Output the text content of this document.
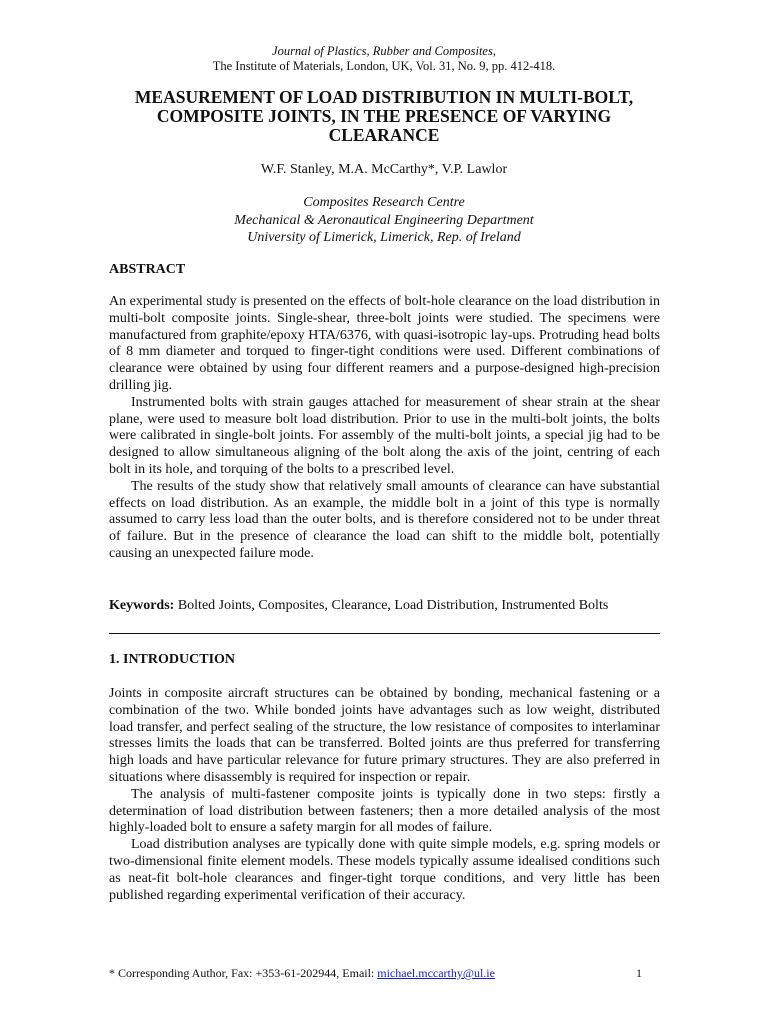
Journal of Plastics, Rubber and Composites,
The Institute of Materials, London, UK, Vol. 31, No. 9, pp. 412-418.
MEASUREMENT OF LOAD DISTRIBUTION IN MULTI-BOLT, COMPOSITE JOINTS, IN THE PRESENCE OF VARYING CLEARANCE
W.F. Stanley, M.A. McCarthy*, V.P. Lawlor
Composites Research Centre
Mechanical & Aeronautical Engineering Department
University of Limerick, Limerick, Rep. of Ireland
ABSTRACT

An experimental study is presented on the effects of bolt-hole clearance on the load distribution in multi-bolt composite joints. Single-shear, three-bolt joints were studied. The specimens were manufactured from graphite/epoxy HTA/6376, with quasi-isotropic lay-ups. Protruding head bolts of 8 mm diameter and torqued to finger-tight conditions were used. Different combinations of clearance were obtained by using four different reamers and a purpose-designed high-precision drilling jig.

Instrumented bolts with strain gauges attached for measurement of shear strain at the shear plane, were used to measure bolt load distribution. Prior to use in the multi-bolt joints, the bolts were calibrated in single-bolt joints. For assembly of the multi-bolt joints, a special jig had to be designed to allow simultaneous aligning of the bolt along the axis of the joint, centring of each bolt in its hole, and torquing of the bolts to a prescribed level.

The results of the study show that relatively small amounts of clearance can have substantial effects on load distribution. As an example, the middle bolt in a joint of this type is normally assumed to carry less load than the outer bolts, and is therefore considered not to be under threat of failure. But in the presence of clearance the load can shift to the middle bolt, potentially causing an unexpected failure mode.

Keywords: Bolted Joints, Composites, Clearance, Load Distribution, Instrumented Bolts

1. INTRODUCTION

Joints in composite aircraft structures can be obtained by bonding, mechanical fastening or a combination of the two. While bonded joints have advantages such as low weight, distributed load transfer, and perfect sealing of the structure, the low resistance of composites to interlaminar stresses limits the loads that can be transferred. Bolted joints are thus preferred for transferring high loads and have particular relevance for future primary structures. They are also preferred in situations where disassembly is required for inspection or repair.

The analysis of multi-fastener composite joints is typically done in two steps: firstly a determination of load distribution between fasteners; then a more detailed analysis of the most highly-loaded bolt to ensure a safety margin for all modes of failure.

Load distribution analyses are typically done with quite simple models, e.g. spring models or two-dimensional finite element models. These models typically assume idealised conditions such as neat-fit bolt-hole clearances and finger-tight torque conditions, and very little has been published regarding experimental verification of their accuracy.

* Corresponding Author, Fax: +353-61-202944, Email: michael.mccarthy@ul.ie	1
